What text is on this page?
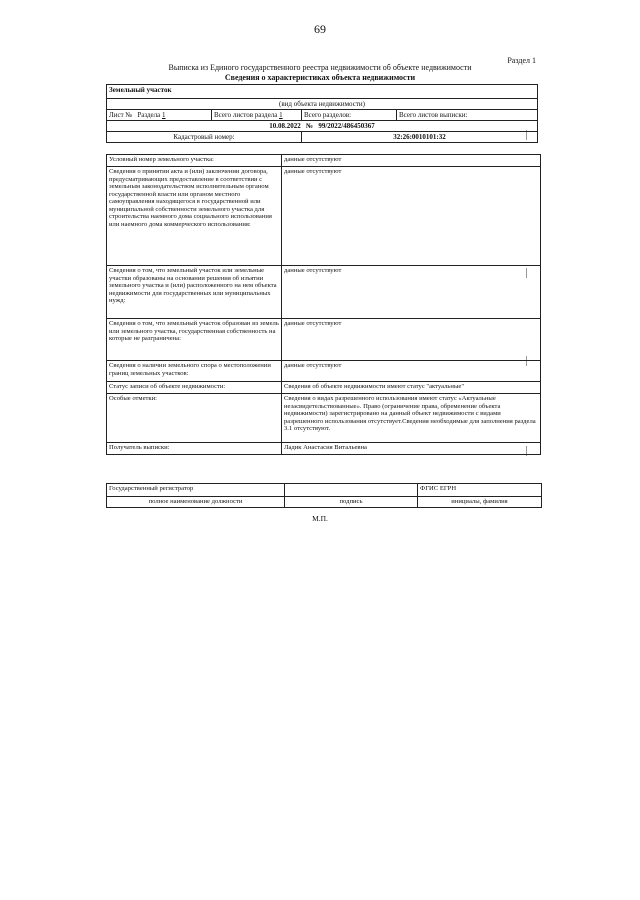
69
Раздел 1
Выписка из Единого государственного реестра недвижимости об объекте недвижимости
Сведения о характеристиках объекта недвижимости
Земельный участок			
(вид объекта недвижимости)			
Лист № Раздела 1	Всего листов раздела 1	Всего разделов:	Всего листов выписки:
10.08.2022 № 99/2022/486450367			
Кадастровый номер:		32:26:0010101:32	
Условный номер земельного участка:	данные отсутствуют
Сведения о принятии акта и (или) заключении договора, предусматривающих предоставление в соответствии с земельным законодательством исполнительным органом государственной власти или органом местного самоуправления находящегося в государственной или муниципальной собственности земельного участка для строительства наемного дома социального использования или наемного дома коммерческого использования:	данные отсутствуют
Сведения о том, что земельный участок или земельные участки образованы на основании решения об изъятии земельного участка и (или) расположенного на нем объекта недвижимости для государственных или муниципальных нужд:	данные отсутствуют
Сведения о том, что земельный участок образован из земель или земельного участка, государственная собственность на которые не разграничена:	данные отсутствуют
Сведения о наличии земельного спора о местоположении границ земельных участков:	данные отсутствуют
Статус записи об объекте недвижимости:	Сведения об объекте недвижимости имеют статус "актуальные"
Особые отметки:	Сведения о видах разрешенного использования имеют статус «Актуальные незасвидетельствованные». Право (ограничение права, обременение объекта недвижимости) зарегистрировано на данный объект недвижимости с видами разрешенного использования отсутствует.Сведения необходимые для заполнения раздела 3.1 отсутствуют.
Получатель выписки:	Ладик Анастасия Витальевна
Государственный регистратор		ФГИС ЕГРН
полное наименование должности	подпись	инициалы, фамилия
М.П.
